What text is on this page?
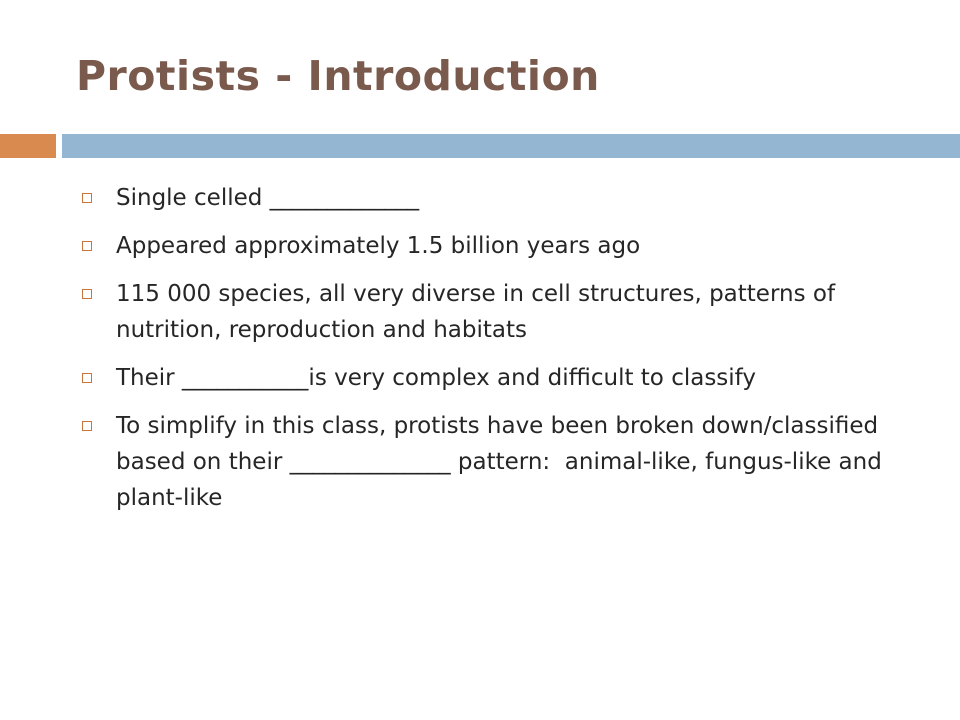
Protists - Introduction
Single celled _____________
Appeared approximately 1.5 billion years ago
115 000 species, all very diverse in cell structures, patterns of nutrition, reproduction and habitats
Their ___________is very complex and difficult to classify
To simplify in this class, protists have been broken down/classified based on their ______________ pattern:  animal-like, fungus-like and plant-like
